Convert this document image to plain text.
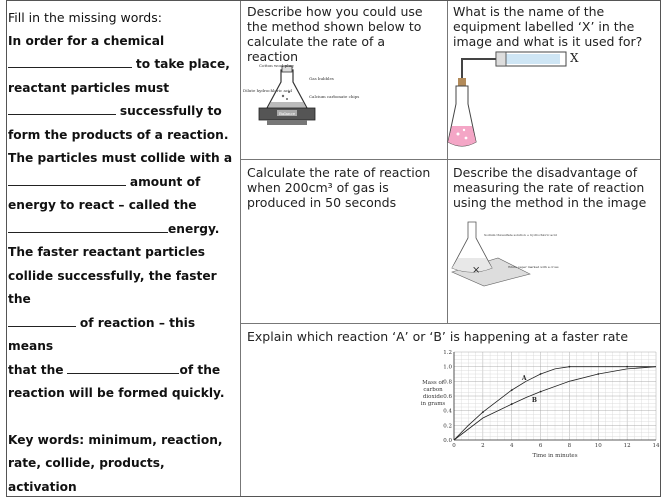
Fill in the missing words:

In order for a chemical

to take place,

reactant particles must

successfully to

form the products of a reaction.

The particles must collide with a

amount of

energy to react – called the

energy.

The faster reactant particles

collide successfully, the faster the

of reaction – this means

that the	of the

reaction will be formed quickly.

Key words: minimum, reaction, rate, collide, products, activation

Describe how you could use the method shown below to calculate the rate of a reaction
Cotton wool plug
Gas bubbles
Dilute hydrochloric acid
Calcium carbonate chips
Balance
What is the name of the equipment labelled ‘X’ in the image and what is it used for?
X
Calculate the rate of reaction when 200cm³ of gas is produced in 50 seconds
Describe the disadvantage of measuring the rate of reaction using the method in the image
×
Sodium thiosulfate solution + hydrochloric acid
White paper marked with a cross
Explain which reaction ‘A’ or ‘B’ is happening at a faster rate
0	2	4	6	8	10	12	14
0.0
0.2
0.4
0.6
0.8
1.0
1.2
A
B
Mass of
carbon
dioxide
in grams
Time in minutes
